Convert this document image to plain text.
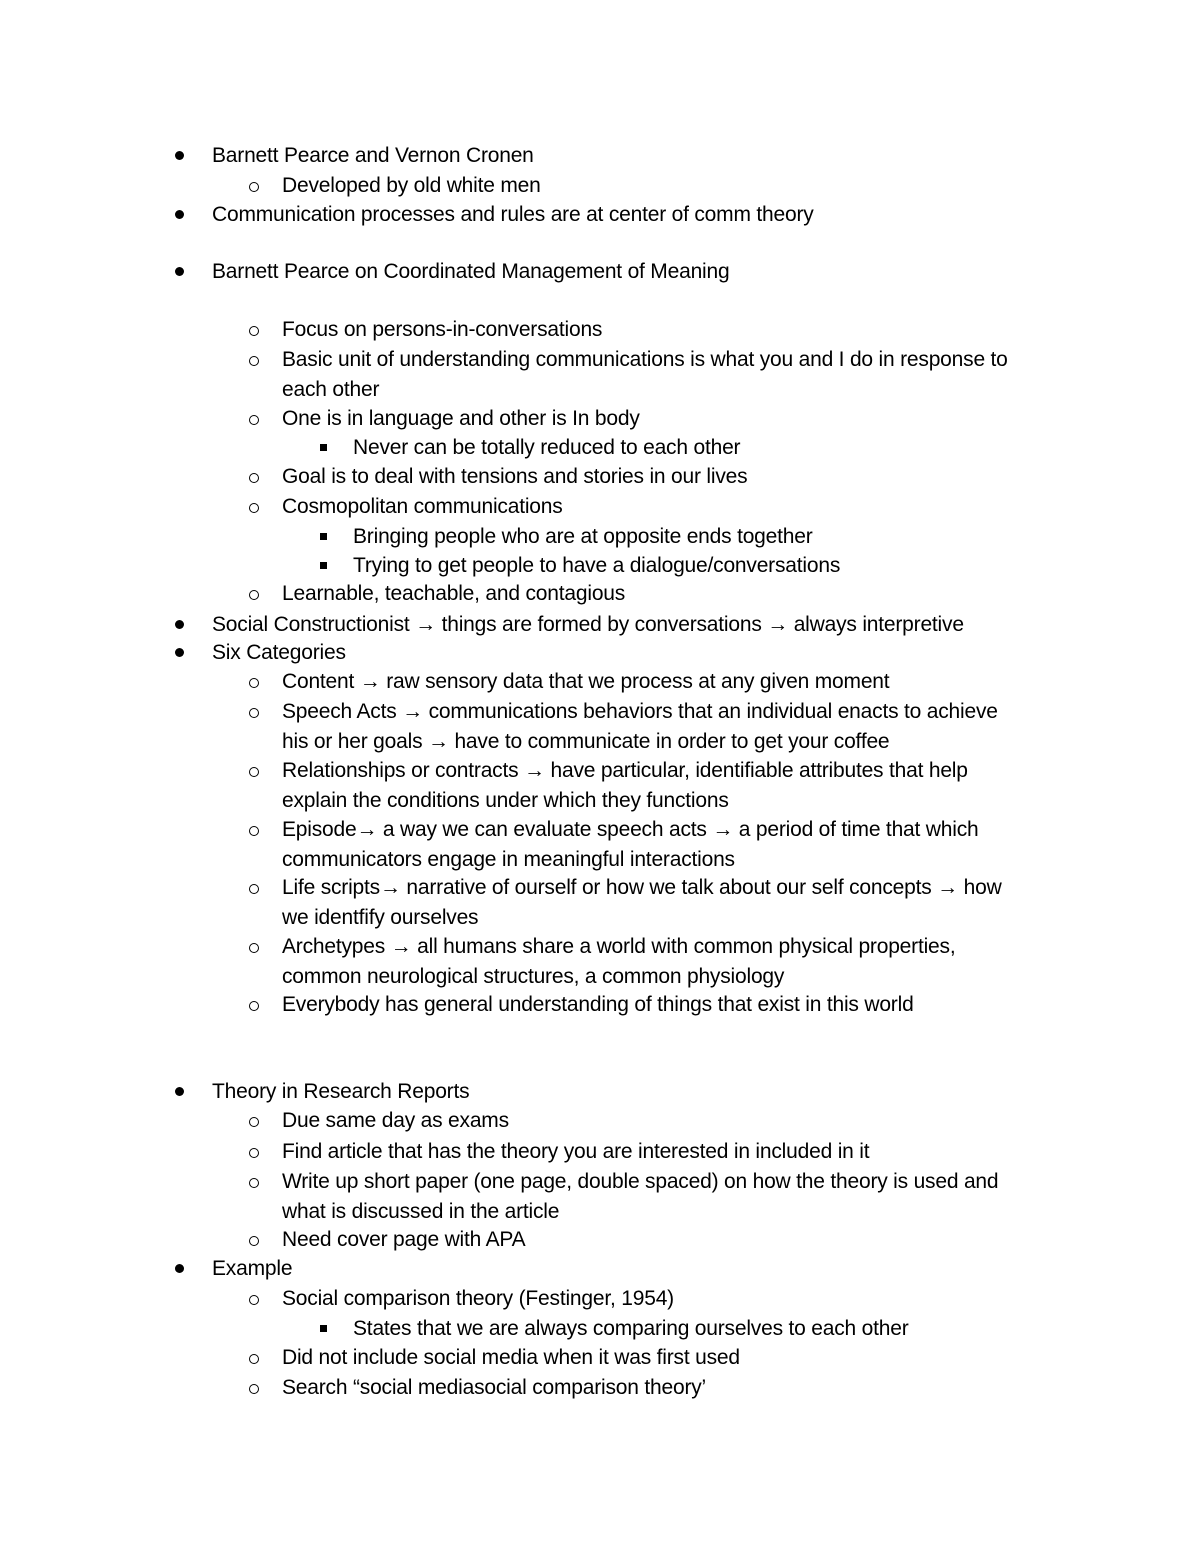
Barnett Pearce and Vernon Cronen
Developed by old white men
Communication processes and rules are at center of comm theory
Barnett Pearce on Coordinated Management of Meaning
Focus on persons-in-conversations
Basic unit of understanding communications is what you and I do in response to
each other
One is in language and other is In body
Never can be totally reduced to each other
Goal is to deal with tensions and stories in our lives
Cosmopolitan communications
Bringing people who are at opposite ends together
Trying to get people to have a dialogue/conversations
Learnable, teachable, and contagious
Social Constructionist → things are formed by conversations → always interpretive
Six Categories
Content → raw sensory data that we process at any given moment
Speech Acts → communications behaviors that an individual enacts to achieve
his or her goals → have to communicate in order to get your coffee
Relationships or contracts → have particular, identifiable attributes that help
explain the conditions under which they functions
Episode→ a way we can evaluate speech acts → a period of time that which
communicators engage in meaningful interactions
Life scripts→ narrative of ourself or how we talk about our self concepts → how
we identfify ourselves
Archetypes → all humans share a world with common physical properties,
common neurological structures, a common physiology
Everybody has general understanding of things that exist in this world
Theory in Research Reports
Due same day as exams
Find article that has the theory you are interested in included in it
Write up short paper (one page, double spaced) on how the theory is used and
what is discussed in the article
Need cover page with APA
Example
Social comparison theory (Festinger, 1954)
States that we are always comparing ourselves to each other
Did not include social media when it was first used
Search “social mediasocial comparison theory’
